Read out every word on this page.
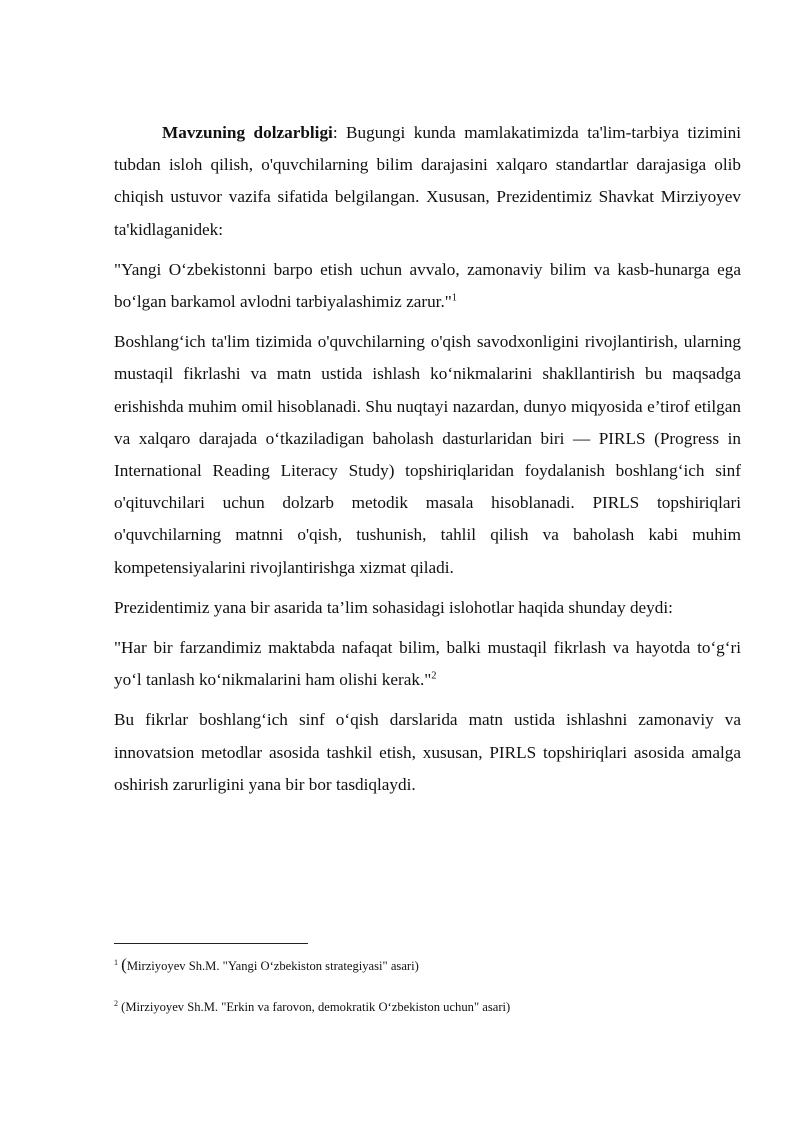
Mavzuning dolzarbligi: Bugungi kunda mamlakatimizda ta'lim-tarbiya tizimini tubdan isloh qilish, o'quvchilarning bilim darajasini xalqaro standartlar darajasiga olib chiqish ustuvor vazifa sifatida belgilangan. Xususan, Prezidentimiz Shavkat Mirziyoyev ta'kidlaganidek:

"Yangi O‘zbekistonni barpo etish uchun avvalo, zamonaviy bilim va kasb-hunarga ega bo‘lgan barkamol avlodni tarbiyalashimiz zarur."$^1$

Boshlang‘ich ta'lim tizimida o'quvchilarning o'qish savodxonligini rivojlantirish, ularning mustaqil fikrlashi va matn ustida ishlash ko‘nikmalarini shakllantirish bu maqsadga erishishda muhim omil hisoblanadi. Shu nuqtayi nazardan, dunyo miqyosida e’tirof etilgan va xalqaro darajada o‘tkaziladigan baholash dasturlaridan biri — PIRLS (Progress in International Reading Literacy Study) topshiriqlaridan foydalanish boshlang‘ich sinf o'qituvchilari uchun dolzarb metodik masala hisoblanadi. PIRLS topshiriqlari o'quvchilarning matnni o'qish, tushunish, tahlil qilish va baholash kabi muhim kompetensiyalarini rivojlantirishga xizmat qiladi.

Prezidentimiz yana bir asarida ta’lim sohasidagi islohotlar haqida shunday deydi:

"Har bir farzandimiz maktabda nafaqat bilim, balki mustaqil fikrlash va hayotda to‘g‘ri yo‘l tanlash ko‘nikmalarini ham olishi kerak."$^2$

Bu fikrlar boshlang‘ich sinf o‘qish darslarida matn ustida ishlashni zamonaviy va innovatsion metodlar asosida tashkil etish, xususan, PIRLS topshiriqlari asosida amalga oshirish zarurligini yana bir bor tasdiqlaydi.

$^1$ (Mirziyoyev Sh.M. "Yangi O‘zbekiston strategiyasi" asari)
$^2$ (Mirziyoyev Sh.M. "Erkin va farovon, demokratik O‘zbekiston uchun" asari)
